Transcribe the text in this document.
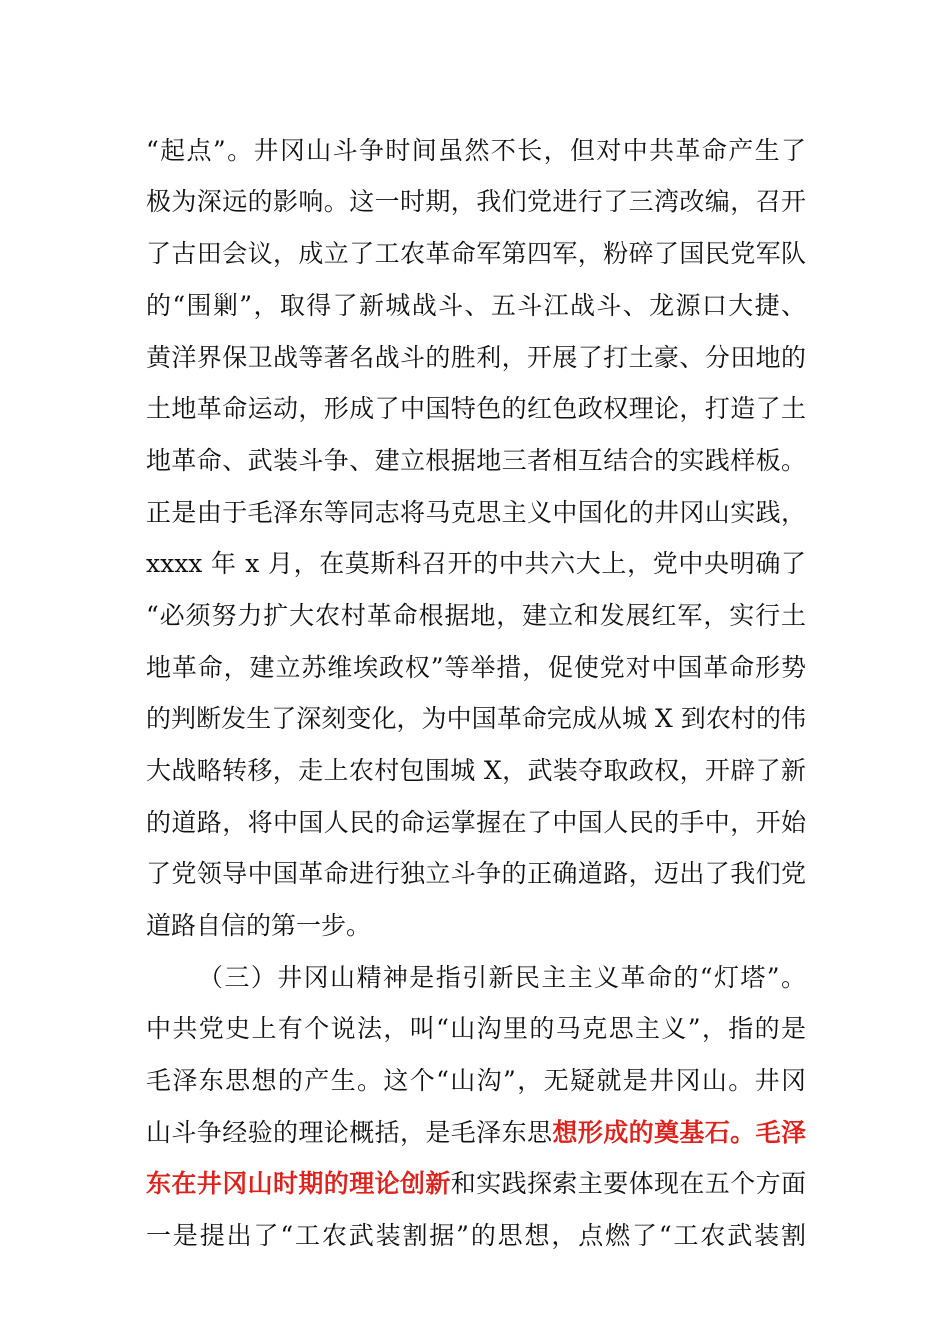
“起点”。井冈山斗争时间虽然不长，但对中共革命产生了
极为深远的影响。这一时期，我们党进行了三湾改编，召开
了古田会议，成立了工农革命军第四军，粉碎了国民党军队
的“围剿”，取得了新城战斗、五斗江战斗、龙源口大捷、
黄洋界保卫战等著名战斗的胜利，开展了打土豪、分田地的
土地革命运动，形成了中国特色的红色政权理论，打造了土
地革命、武装斗争、建立根据地三者相互结合的实践样板。
正是由于毛泽东等同志将马克思主义中国化的井冈山实践，
xxxx 年 x 月，在莫斯科召开的中共六大上，党中央明确了
“必须努力扩大农村革命根据地，建立和发展红军，实行土
地革命，建立苏维埃政权”等举措，促使党对中国革命形势
的判断发生了深刻变化，为中国革命完成从城 X 到农村的伟
大战略转移，走上农村包围城 X，武装夺取政权，开辟了新
的道路，将中国人民的命运掌握在了中国人民的手中，开始
了党领导中国革命进行独立斗争的正确道路，迈出了我们党
道路自信的第一步。
（三）井冈山精神是指引新民主主义革命的“灯塔”。
中共党史上有个说法，叫“山沟里的马克思主义”，指的是
毛泽东思想的产生。这个“山沟”，无疑就是井冈山。井冈
山斗争经验的理论概括，是毛泽东思想形成的奠基石。毛泽
东在井冈山时期的理论创新和实践探索主要体现在五个方面
一是提出了“工农武装割据”的思想，点燃了“工农武装割
